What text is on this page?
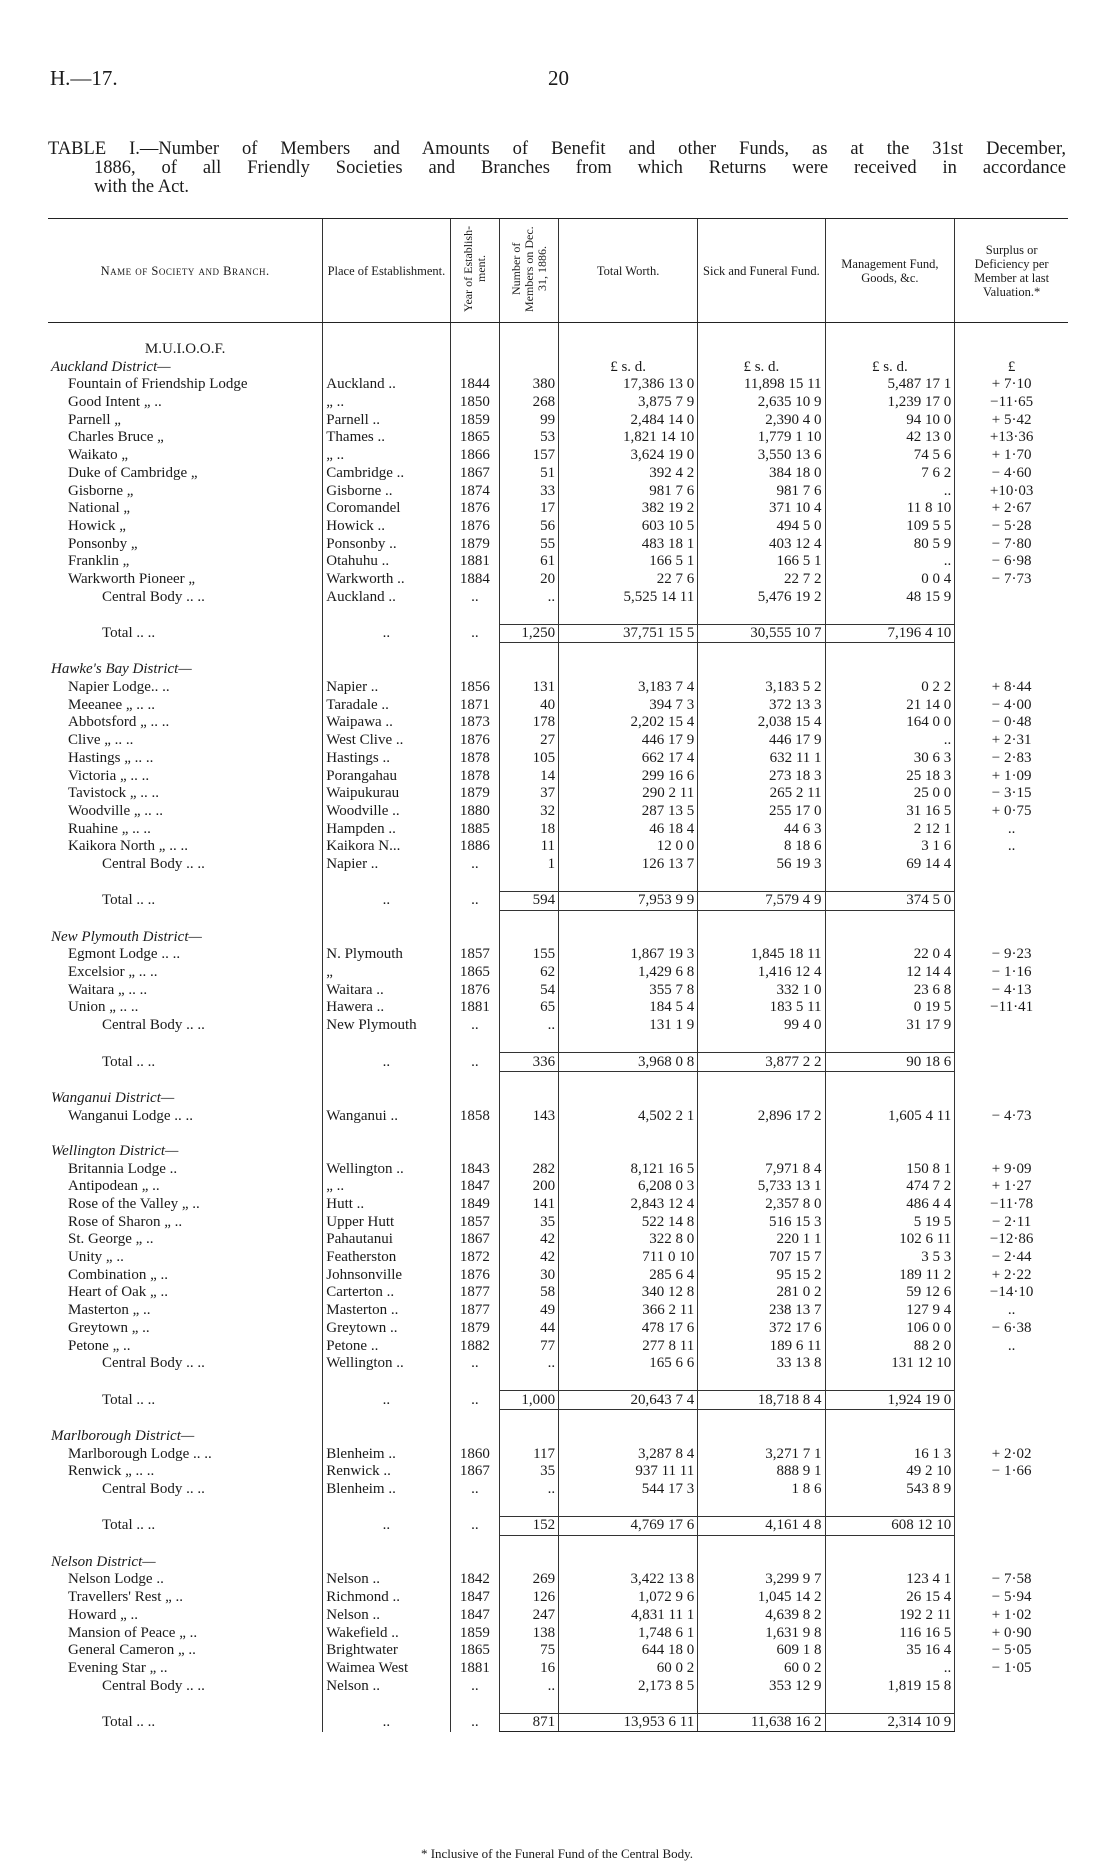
H.—17.	20
TABLE I.—Number of Members and Amounts of Benefit and other Funds, as at the 31st December,
1886, of all Friendly Societies and Branches from which Returns were received in accordance
with the Act.
Name of Society and Branch.	Place of Establishment.	Year of Establish- ment.	Number of Members on Dec. 31, 1886.	Total Worth.	Sick and Funeral Fund.	Management Fund, Goods, &c.	Surplus or Deficiency per Member at last Valuation.*

M.U.I.O.O.F.							
Auckland District—				£ s. d.	£ s. d.	£ s. d.	£
Fountain of Friendship Lodge	Auckland ..	1844	380	17,386 13 0	11,898 15 11	5,487 17 1	+ 7·10
Good Intent „ ..	„ ..	1850	268	3,875 7 9	2,635 10 9	1,239 17 0	−11·65
Parnell „	Parnell ..	1859	99	2,484 14 0	2,390 4 0	94 10 0	+ 5·42
Charles Bruce „	Thames ..	1865	53	1,821 14 10	1,779 1 10	42 13 0	+13·36
Waikato „	„ ..	1866	157	3,624 19 0	3,550 13 6	74 5 6	+ 1·70
Duke of Cambridge „	Cambridge ..	1867	51	392 4 2	384 18 0	7 6 2	− 4·60
Gisborne „	Gisborne ..	1874	33	981 7 6	981 7 6	..	+10·03
National „	Coromandel	1876	17	382 19 2	371 10 4	11 8 10	+ 2·67
Howick „	Howick ..	1876	56	603 10 5	494 5 0	109 5 5	− 5·28
Ponsonby „	Ponsonby ..	1879	55	483 18 1	403 12 4	80 5 9	− 7·80
Franklin „	Otahuhu ..	1881	61	166 5 1	166 5 1	..	− 6·98
Warkworth Pioneer „	Warkworth ..	1884	20	22 7 6	22 7 2	0 0 4	− 7·73
Central Body .. ..	Auckland ..	..	..	5,525 14 11	5,476 19 2	48 15 9	

Total .. ..	..	..	1,250	37,751 15 5	30,555 10 7	7,196 4 10	

Hawke's Bay District—							
Napier Lodge.. ..	Napier ..	1856	131	3,183 7 4	3,183 5 2	0 2 2	+ 8·44
Meeanee „ .. ..	Taradale ..	1871	40	394 7 3	372 13 3	21 14 0	− 4·00
Abbotsford „ .. ..	Waipawa ..	1873	178	2,202 15 4	2,038 15 4	164 0 0	− 0·48
Clive „ .. ..	West Clive ..	1876	27	446 17 9	446 17 9	..	+ 2·31
Hastings „ .. ..	Hastings ..	1878	105	662 17 4	632 11 1	30 6 3	− 2·83
Victoria „ .. ..	Porangahau	1878	14	299 16 6	273 18 3	25 18 3	+ 1·09
Tavistock „ .. ..	Waipukurau	1879	37	290 2 11	265 2 11	25 0 0	− 3·15
Woodville „ .. ..	Woodville ..	1880	32	287 13 5	255 17 0	31 16 5	+ 0·75
Ruahine „ .. ..	Hampden ..	1885	18	46 18 4	44 6 3	2 12 1	..
Kaikora North „ .. ..	Kaikora N...	1886	11	12 0 0	8 18 6	3 1 6	..
Central Body .. ..	Napier ..	..	1	126 13 7	56 19 3	69 14 4	

Total .. ..	..	..	594	7,953 9 9	7,579 4 9	374 5 0	

New Plymouth District—							
Egmont Lodge .. ..	N. Plymouth	1857	155	1,867 19 3	1,845 18 11	22 0 4	− 9·23
Excelsior „ .. ..	„	1865	62	1,429 6 8	1,416 12 4	12 14 4	− 1·16
Waitara „ .. ..	Waitara ..	1876	54	355 7 8	332 1 0	23 6 8	− 4·13
Union „ .. ..	Hawera ..	1881	65	184 5 4	183 5 11	0 19 5	−11·41
Central Body .. ..	New Plymouth	..	..	131 1 9	99 4 0	31 17 9	

Total .. ..	..	..	336	3,968 0 8	3,877 2 2	90 18 6	

Wanganui District—							
Wanganui Lodge .. ..	Wanganui ..	1858	143	4,502 2 1	2,896 17 2	1,605 4 11	− 4·73

Wellington District—							
Britannia Lodge ..	Wellington ..	1843	282	8,121 16 5	7,971 8 4	150 8 1	+ 9·09
Antipodean „ ..	„ ..	1847	200	6,208 0 3	5,733 13 1	474 7 2	+ 1·27
Rose of the Valley „ ..	Hutt ..	1849	141	2,843 12 4	2,357 8 0	486 4 4	−11·78
Rose of Sharon „ ..	Upper Hutt	1857	35	522 14 8	516 15 3	5 19 5	− 2·11
St. George „ ..	Pahautanui	1867	42	322 8 0	220 1 1	102 6 11	−12·86
Unity „ ..	Featherston	1872	42	711 0 10	707 15 7	3 5 3	− 2·44
Combination „ ..	Johnsonville	1876	30	285 6 4	95 15 2	189 11 2	+ 2·22
Heart of Oak „ ..	Carterton ..	1877	58	340 12 8	281 0 2	59 12 6	−14·10
Masterton „ ..	Masterton ..	1877	49	366 2 11	238 13 7	127 9 4	..
Greytown „ ..	Greytown ..	1879	44	478 17 6	372 17 6	106 0 0	− 6·38
Petone „ ..	Petone ..	1882	77	277 8 11	189 6 11	88 2 0	..
Central Body .. ..	Wellington ..	..	..	165 6 6	33 13 8	131 12 10	

Total .. ..	..	..	1,000	20,643 7 4	18,718 8 4	1,924 19 0	

Marlborough District—							
Marlborough Lodge .. ..	Blenheim ..	1860	117	3,287 8 4	3,271 7 1	16 1 3	+ 2·02
Renwick „ .. ..	Renwick ..	1867	35	937 11 11	888 9 1	49 2 10	− 1·66
Central Body .. ..	Blenheim ..	..	..	544 17 3	1 8 6	543 8 9	

Total .. ..	..	..	152	4,769 17 6	4,161 4 8	608 12 10	

Nelson District—							
Nelson Lodge ..	Nelson ..	1842	269	3,422 13 8	3,299 9 7	123 4 1	− 7·58
Travellers' Rest „ ..	Richmond ..	1847	126	1,072 9 6	1,045 14 2	26 15 4	− 5·94
Howard „ ..	Nelson ..	1847	247	4,831 11 1	4,639 8 2	192 2 11	+ 1·02
Mansion of Peace „ ..	Wakefield ..	1859	138	1,748 6 1	1,631 9 8	116 16 5	+ 0·90
General Cameron „ ..	Brightwater	1865	75	644 18 0	609 1 8	35 16 4	− 5·05
Evening Star „ ..	Waimea West	1881	16	60 0 2	60 0 2	..	− 1·05
Central Body .. ..	Nelson ..	..	..	2,173 8 5	353 12 9	1,819 15 8	

Total .. ..	..	..	871	13,953 6 11	11,638 16 2	2,314 10 9	
* Inclusive of the Funeral Fund of the Central Body.
